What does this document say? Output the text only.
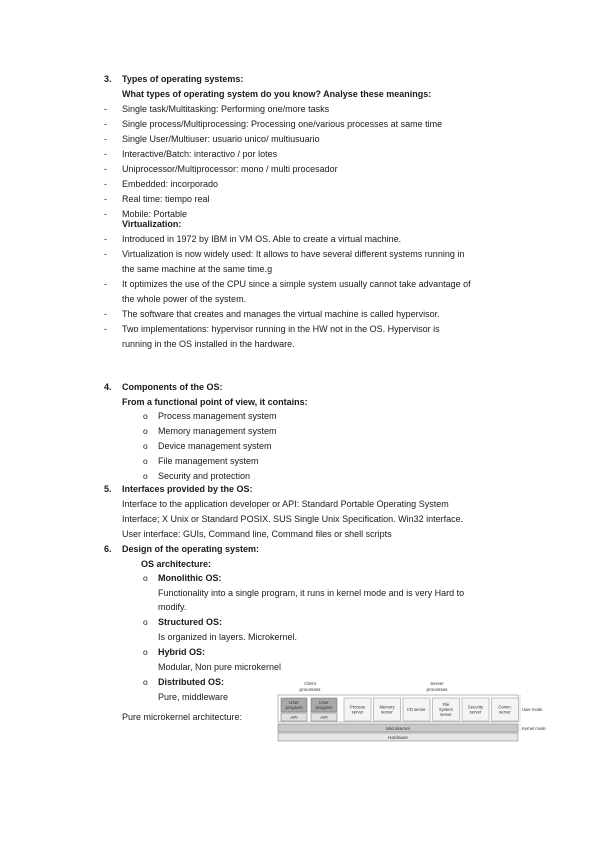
3. Types of operating systems:
What types of operating system do you know? Analyse these meanings:
Virtualization:
4. Components of the OS:
From a functional point of view, it contains:
5. Interfaces provided by the OS:
Interface to the application developer or API: Standard Portable Operating System
Interface; X Unix or Standard POSIX. SUS Single Unix Specification. Win32 interface.
User interface: GUIs, Command line, Command files or shell scripts
6. Design of the operating system:
OS architecture:
Pure microkernel architecture:
Client
processes
Server
processes
User
program
User
program
API	API
Process
server
Memory
server
I/O server
File
System
server
Security
server
Comm.
server
Microkernel
Hardware
User mode
Kernel mode
- Single task/Multitasking: Performing one/more tasks
- Single process/Multiprocessing: Processing one/various processes at same time
- Single User/Multiuser: usuario unico/ multiusuario
- Interactive/Batch: interactivo / por lotes
- Uniprocessor/Multiprocessor: mono / multi procesador
- Embedded: incorporado
- Real time: tiempo real
- Mobile: Portable
- Introduced in 1972 by IBM in VM OS. Able to create a virtual machine.
- Virtualization is now widely used: It allows to have several different systems running in
the same machine at the same time.g
- It optimizes the use of the CPU since a simple system usually cannot take advantage of
the whole power of the system.
- The software that creates and manages the virtual machine is called hypervisor.
- Two implementations: hypervisor running in the HW not in the OS. Hypervisor is
running in the OS installed in the hardware.
o Process management system
o Memory management system
o Device management system
o File management system
o Security and protection
o Monolithic OS:
Functionality into a single program, it runs in kernel mode and is very Hard to
modify.
o Structured OS:
Is organized in layers. Microkernel.
o Hybrid OS:
Modular, Non pure microkernel
o Distributed OS:
Pure, middleware
